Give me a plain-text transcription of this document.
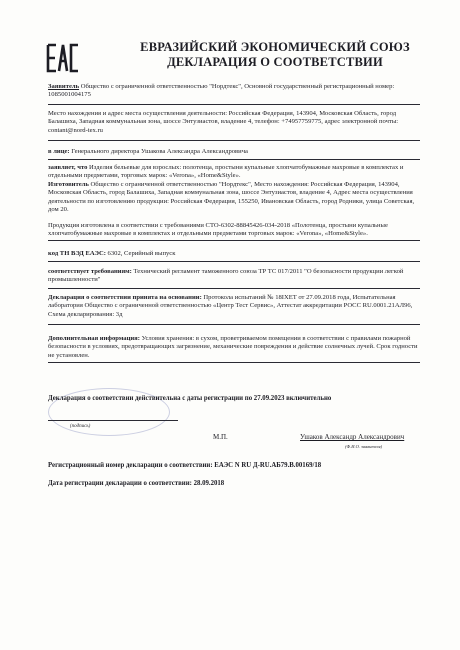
ЕВРАЗИЙСКИЙ ЭКОНОМИЧЕСКИЙ СОЮЗ
ДЕКЛАРАЦИЯ О СООТВЕТСТВИИ
Заявитель Общество с ограниченной ответственностью "Нордтекс", Основной государственный регистрационный номер: 1085001004175
Место нахождения и адрес места осуществления деятельности: Российская Федерация, 143904, Московская Область, город Балашиха, Западная коммунальная зона, шоссе Энтузиастов, владение 4, телефон: +74957759775, адрес электронной почты: contant@nord-tex.ru
в лице: Генерального директора Ушакова Александра Александровича
заявляет, что Изделия бельевые для взрослых: полотенца, простыни купальные хлопчатобумажные махровые в комплектах и отдельными предметами, торговых марок: «Verona», «Home&Style».
Изготовитель Общество с ограниченной ответственностью "Нордтекс", Место нахождения: Российская Федерация, 143904, Московская Область, город Балашиха, Западная коммунальная зона, шоссе Энтузиастов, владение 4, Адрес места осуществления деятельности по изготовлению продукции: Российская Федерация, 155250, Ивановская Область, город Родники, улица Советская, дом 20.
Продукция изготовлена в соответствии с требованиями СТО-6302-88845426-034-2018 «Полотенца, простыни купальные хлопчатобумажные махровые в комплектах и отдельными предметами торговых марок: «Verona», «Home&Style».
код ТН ВЭД ЕАЭС: 6302, Серийный выпуск
соответствует требованиям: Технический регламент таможенного союза ТР ТС 017/2011 "О безопасности продукции легкой промышленности"
Декларация о соответствии принята на основании: Протокола испытаний № 18IXET от 27.09.2018 года, Испытательная лаборатория Общество с ограниченной ответственностью «Центр Тест Сервис», Аттестат аккредитации РОСС RU.0001.21АЛ96, Схема декларирования: 3д
Дополнительная информация: Условия хранения: в сухом, проветриваемом помещении в соответствии с правилами пожарной безопасности в условиях, предотвращающих загрязнение, механические повреждения и действие солнечных лучей. Срок годности не установлен.
Декларация о соответствии действительна с даты регистрации по 27.09.2023 включительно
(подпись)
М.П.	Ушаков Александр Александрович
(Ф.И.О. заявителя)
Регистрационный номер декларации о соответствии: ЕАЭС N RU Д-RU.АБ79.В.00169/18
Дата регистрации декларации о соответствии: 28.09.2018
